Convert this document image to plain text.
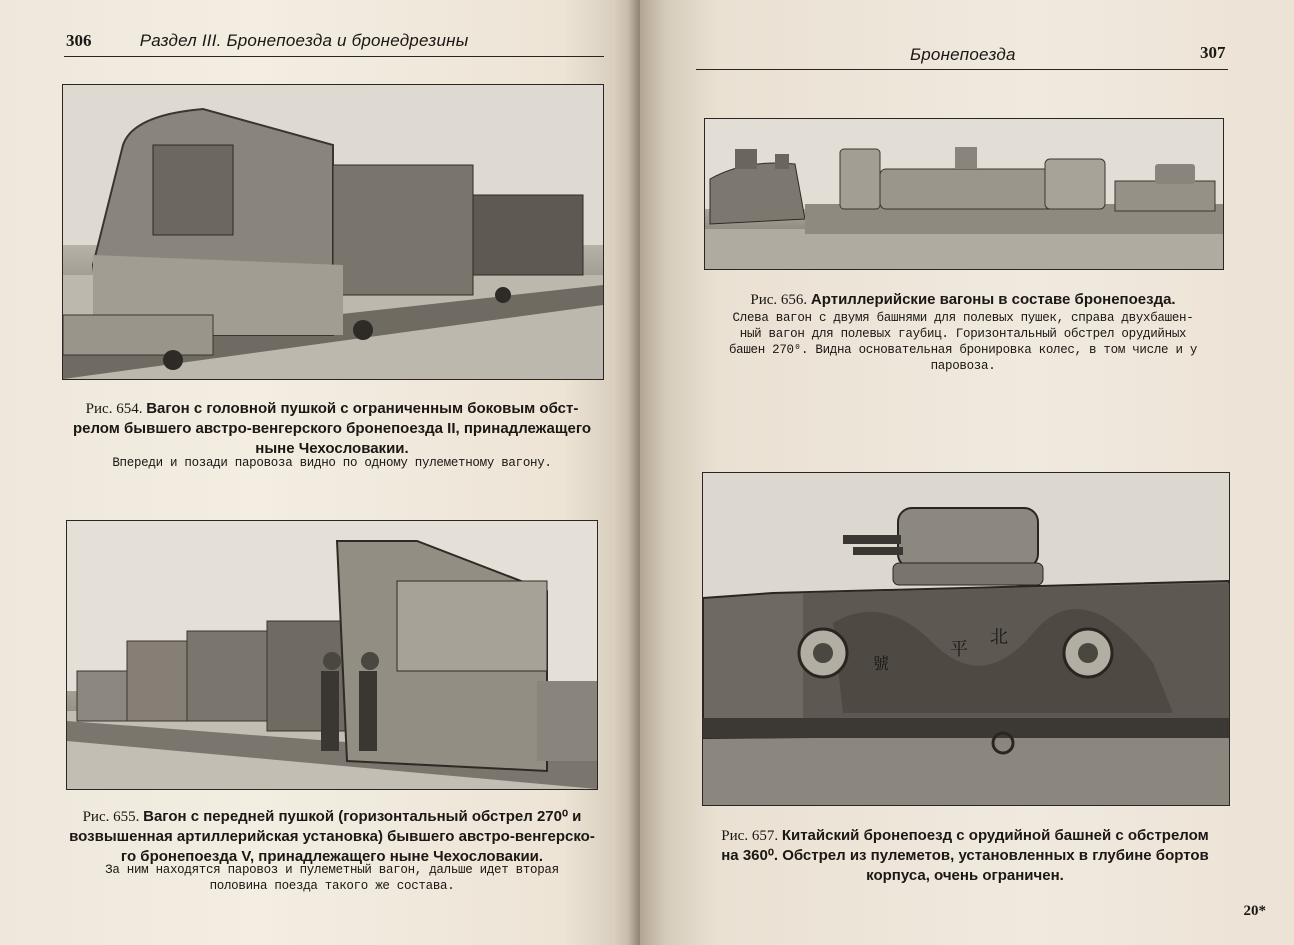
306	Раздел III. Бронепоезда и бронедрезины
Рис. 654. Вагон с головной пушкой с ограниченным боковым обст-
релом бывшего австро-венгерского бронепоезда II, принадлежащего
ныне Чехословакии.
Впереди и позади паровоза видно по одному пулеметному вагону.
Рис. 655. Вагон с передней пушкой (горизонтальный обстрел 270⁰ и
возвышенная артиллерийская установка) бывшего австро-венгерско-
го бронепоезда V, принадлежащего ныне Чехословакии.
За ним находятся паровоз и пулеметный вагон, дальше идет вторая
половина поезда такого же состава.
Бронепоезда	307
Рис. 656. Артиллерийские вагоны в составе бронепоезда.
Слева вагон с двумя башнями для полевых пушек, справа двухбашен-
ный вагон для полевых гаубиц. Горизонтальный обстрел орудийных
башен 270⁰. Видна основательная бронировка колес, в том числе и у
паровоза.
北
平
號
Рис. 657. Китайский бронепоезд с орудийной башней с обстрелом
на 360⁰. Обстрел из пулеметов, установленных в глубине бортов
корпуса, очень ограничен.
20*
